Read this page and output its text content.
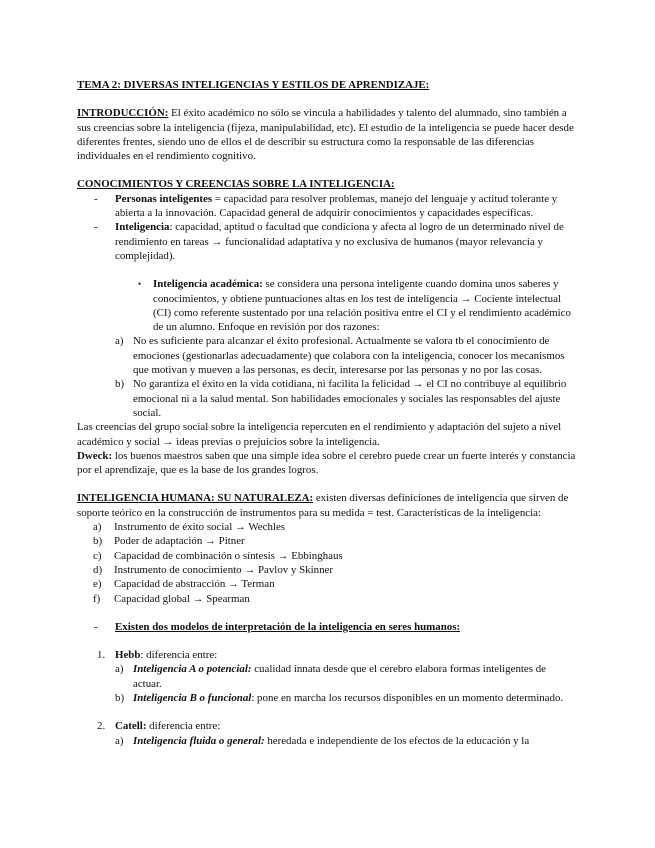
TEMA 2: DIVERSAS INTELIGENCIAS Y ESTILOS DE APRENDIZAJE:

INTRODUCCIÓN: El éxito académico no sólo se vincula a habilidades y talento del alumnado, sino también a sus creencias sobre la inteligencia (fijeza, manipulabilidad, etc). El estudio de la inteligencia se puede hacer desde diferentes frentes, siendo uno de ellos el de describir su estructura como la responsable de las diferencias individuales en el rendimiento cognitivo.

CONOCIMIENTOS Y CREENCIAS SOBRE LA INTELIGENCIA:

-	Personas inteligentes = capacidad para resolver problemas, manejo del lenguaje y actitud tolerante y abierta a la innovación. Capacidad general de adquirir conocimientos y capacidades específicas.

-	Inteligencia: capacidad, aptitud o facultad que condiciona y afecta al logro de un determinado nivel de rendimiento en tareas → funcionalidad adaptativa y no exclusiva de humanos (mayor relevancia y complejidad).

•	Inteligencia académica: se considera una persona inteligente cuando domina unos saberes y conocimientos, y obtiene puntuaciones altas en los test de inteligencia → Cociente intelectual (CI) como referente sustentado por una relación positiva entre el CI y el rendimiento académico de un alumno. Enfoque en revisión por dos razones:

a) No es suficiente para alcanzar el éxito profesional. Actualmente se valora tb el conocimiento de emociones (gestionarlas adecuadamente) que colabora con la inteligencia, conocer los mecanismos que motivan y mueven a las personas, es decir, interesarse por las personas y no por las cosas.

b) No garantiza el éxito en la vida cotidiana, ni facilita la felicidad → el CI no contribuye al equilibrio emocional ni a la salud mental. Son habilidades emocionales y sociales las responsables del ajuste social.

Las creencias del grupo social sobre la inteligencia repercuten en el rendimiento y adaptación del sujeto a nivel académico y social → ideas previas o prejuicios sobre la inteligencia.

Dweck: los buenos maestros saben que una simple idea sobre el cerebro puede crear un fuerte interés y constancia por el aprendizaje, que es la base de los grandes logros.

INTELIGENCIA HUMANA: SU NATURALEZA: existen diversas definiciones de inteligencia que sirven de soporte teórico en la construcción de instrumentos para su medida = test. Características de la inteligencia:

a)	Instrumento de éxito social → Wechles

b)	Poder de adaptación → Pitner

c)	Capacidad de combinación o síntesis → Ebbinghaus

d)	Instrumento de conocimiento → Pavlov y Skinner

e)	Capacidad de abstracción → Terman

f)	Capacidad global → Spearman

-	Existen dos modelos de interpretación de la inteligencia en seres humanos:

1. Hebb: diferencia entre:

a) Inteligencia A o potencial: cualidad innata desde que el cerebro elabora formas inteligentes de actuar.

b) Inteligencia B o funcional: pone en marcha los recursos disponibles en un momento determinado.

2. Catell: diferencia entre:

a) Inteligencia fluida o general: heredada e independiente de los efectos de la educación y la
